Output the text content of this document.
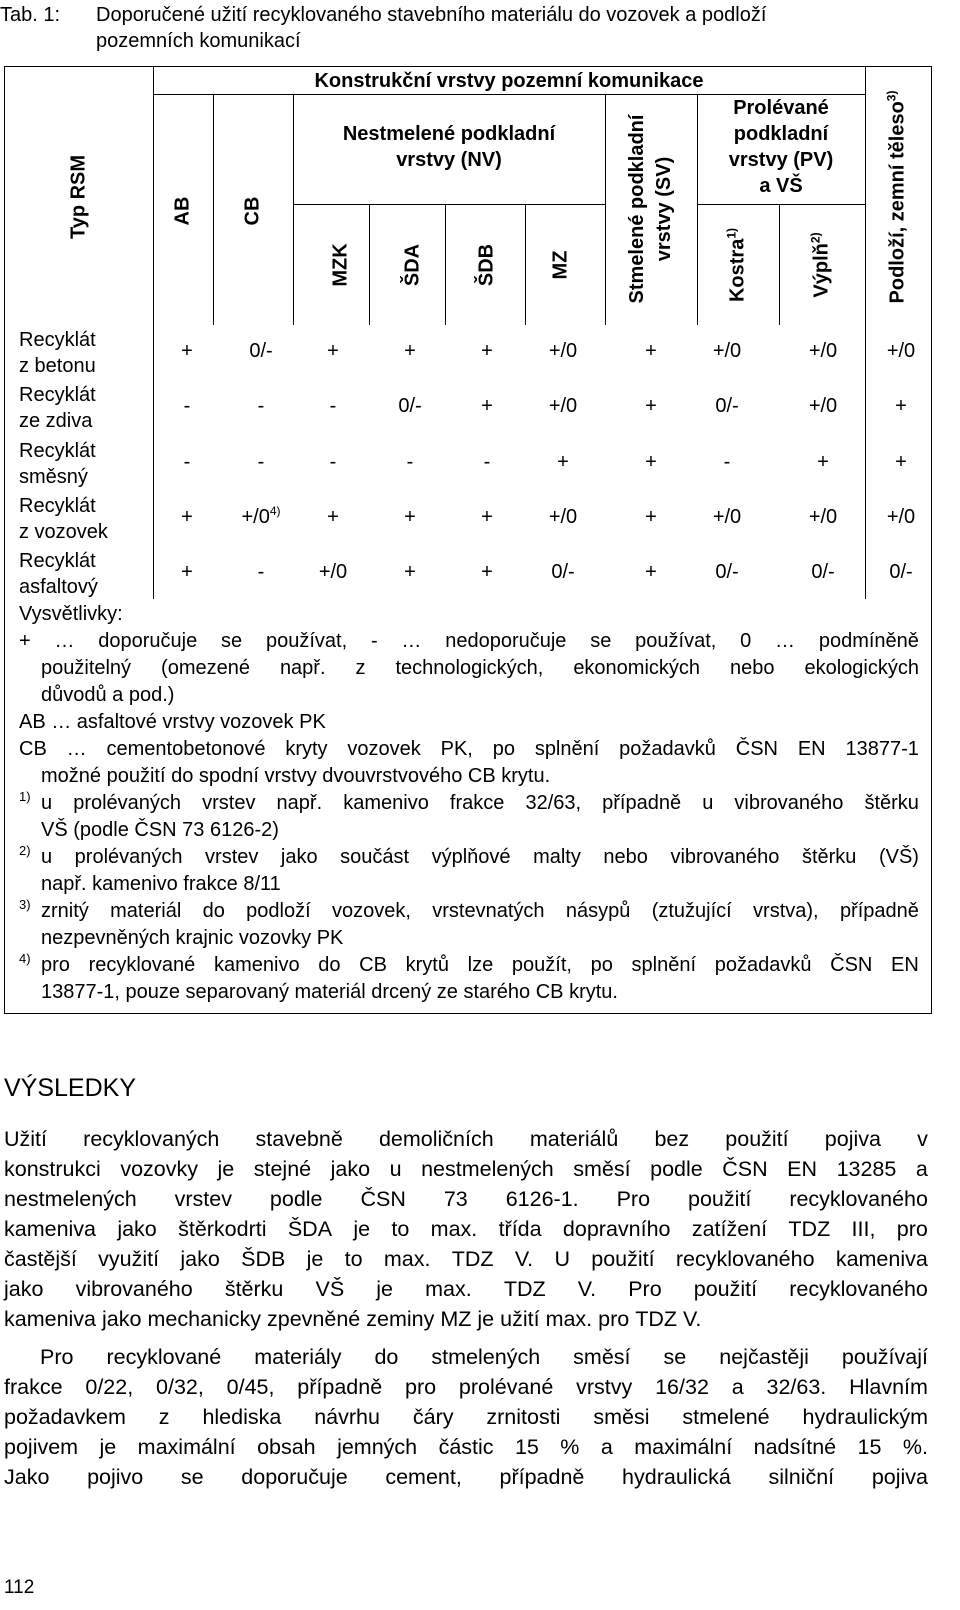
Tab. 1: Doporučené užití recyklovaného stavebního materiálu do vozovek a podloží
pozemních komunikací
Typ RSM
Konstrukční vrstvy pozemní komunikace
AB CB
Nestmelené podkladní
vrstvy (NV)
MZK	ŠDA	ŠDB	MZ	Stmelené podkladní vrstvy (SV)
Prolévané
podkladní
vrstvy (PV)
a VŠ
Kostra$^{1)}$
Výplň$^{2)}$	Podloží, zemní těleso$^{3)}$
Recyklát
z betonu
+	0/-	+	+	+	+/0	+	+/0	+/0 +/0
Recyklát
ze zdiva
-	-	-	0/-	+	+/0	+	0/-	+/0	+
Recyklát
směsný
-	-	-	-	-	+	+	-	+	+
Recyklát
z vozovek
+ $+/0^{4)}$ +	+	+	+/0	+	+/0	+/0 +/0
Recyklát
asfaltový
+	-	+/0	+	+	0/-	+	0/-	0/-	0/-
Vysvětlivky:
+ … doporučuje se používat, - … nedoporučuje se používat, 0 … podmíněně
použitelný (omezené např. z technologických, ekonomických nebo ekologických
důvodů a pod.)
AB … asfaltové vrstvy vozovek PK
CB … cementobetonové kryty vozovek PK, po splnění požadavků ČSN EN 13877-1
možné použití do spodní vrstvy dvouvrstvového CB krytu.
1) u prolévaných vrstev např. kamenivo frakce 32/63, případně u vibrovaného štěrku
VŠ (podle ČSN 73 6126-2)
2) u prolévaných vrstev jako součást výplňové malty nebo vibrovaného štěrku (VŠ)
např. kamenivo frakce 8/11
3) zrnitý materiál do podloží vozovek, vrstevnatých násypů (ztužující vrstva), případně
nezpevněných krajnic vozovky PK
4) pro recyklované kamenivo do CB krytů lze použít, po splnění požadavků ČSN EN
13877-1, pouze separovaný materiál drcený ze starého CB krytu.
VÝSLEDKY
Užití recyklovaných stavebně demoličních materiálů bez použití pojiva v
konstrukci vozovky je stejné jako u nestmelených směsí podle ČSN EN 13285 a
nestmelených vrstev podle ČSN 73 6126-1. Pro použití recyklovaného
kameniva jako štěrkodrti ŠDA je to max. třída dopravního zatížení TDZ III, pro
častější využití jako ŠDB je to max. TDZ V. U použití recyklovaného kameniva
jako vibrovaného štěrku VŠ je max. TDZ V. Pro použití recyklovaného
kameniva jako mechanicky zpevněné zeminy MZ je užití max. pro TDZ V.
Pro recyklované materiály do stmelených směsí se nejčastěji používají
frakce 0/22, 0/32, 0/45, případně pro prolévané vrstvy 16/32 a 32/63. Hlavním
požadavkem z hlediska návrhu čáry zrnitosti směsi stmelené hydraulickým
pojivem je maximální obsah jemných částic 15 % a maximální nadsítné 15 %.
Jako pojivo se doporučuje cement, případně hydraulická silniční pojiva
112
